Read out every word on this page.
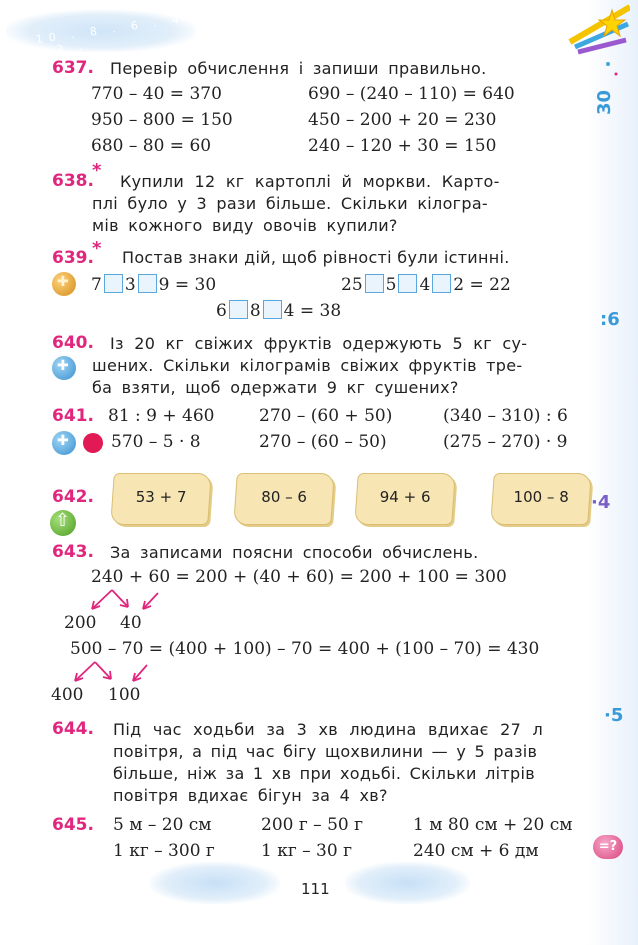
10 . 8 . 6 . 4 . 2 .
30
:6
·4
·5
=?
637. Перевір обчислення і запиши правильно.
770 – 40 = 370	690 – (240 – 110) = 640
950 – 800 = 150	450 – 200 + 20 = 230
680 – 80 = 60	240 – 120 + 30 = 150
638.
*
Купили 12 кг картоплі й моркви. Карто-
плі було у 3 рази більше. Скільки кілогра-
мів кожного виду овочів купили?
639.
* Постав знаки дій, щоб рівності були істинні.
✚
7 3 9 = 30	25 5 4 2 = 22
6 8 4 = 38
640. Із 20 кг свіжих фруктів одержують 5 кг су-
✚
шених. Скільки кілограмів свіжих фруктів тре-
ба взяти, щоб одержати 9 кг сушених?
641. 81 : 9 + 460	270 – (60 + 50)	(340 – 310) : 6
✚
570 – 5 · 8	270 – (60 – 50)	(275 – 270) · 9
642.
⇧	53 + 7	80 – 6	94 + 6	100 – 8
643. За записами поясни способи обчислень.
240 + 60 = 200 + (40 + 60) = 200 + 100 = 300
200 40
500 – 70 = (400 + 100) – 70 = 400 + (100 – 70) = 430
400 100
644. Під час ходьби за 3 хв людина вдихає 27 л
повітря, а під час бігу щохвилини — у 5 разів
більше, ніж за 1 хв при ходьбі. Скільки літрів
повітря вдихає бігун за 4 хв?
645. 5 м – 20 см	200 г – 50 г	1 м 80 см + 20 см
1 кг – 300 г	1 кг – 30 г	240 см + 6 дм
111
